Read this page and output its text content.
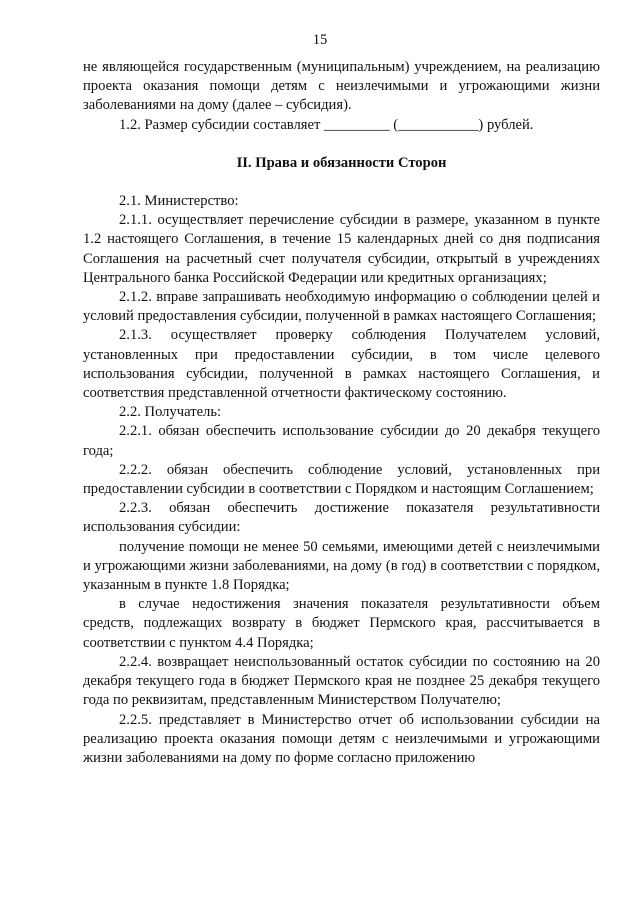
15

не являющейся государственным (муниципальным) учреждением, на реализацию проекта оказания помощи детям с неизлечимыми и угрожающими жизни заболеваниями на дому (далее – субсидия).

1.2. Размер субсидии составляет _________ (___________) рублей.

II. Права и обязанности Сторон

2.1. Министерство:

2.1.1. осуществляет перечисление субсидии в размере, указанном в пункте 1.2 настоящего Соглашения, в течение 15 календарных дней со дня подписания Соглашения на расчетный счет получателя субсидии, открытый в учреждениях Центрального банка Российской Федерации или кредитных организациях;

2.1.2. вправе запрашивать необходимую информацию о соблюдении целей и условий предоставления субсидии, полученной в рамках настоящего Соглашения;

2.1.3. осуществляет проверку соблюдения Получателем условий, установленных при предоставлении субсидии, в том числе целевого использования субсидии, полученной в рамках настоящего Соглашения, и соответствия представленной отчетности фактическому состоянию.

2.2. Получатель:

2.2.1. обязан обеспечить использование субсидии до 20 декабря текущего года;

2.2.2. обязан обеспечить соблюдение условий, установленных при предоставлении субсидии в соответствии с Порядком и настоящим Соглашением;

2.2.3. обязан обеспечить достижение показателя результативности использования субсидии:

получение помощи не менее 50 семьями, имеющими детей с неизлечимыми и угрожающими жизни заболеваниями, на дому (в год) в соответствии с порядком, указанным в пункте 1.8 Порядка;

в случае недостижения значения показателя результативности объем средств, подлежащих возврату в бюджет Пермского края, рассчитывается в соответствии с пунктом 4.4 Порядка;

2.2.4. возвращает неиспользованный остаток субсидии по состоянию на 20 декабря текущего года в бюджет Пермского края не позднее 25 декабря текущего года по реквизитам, представленным Министерством Получателю;

2.2.5. представляет в Министерство отчет об использовании субсидии на реализацию проекта оказания помощи детям с неизлечимыми и угрожающими жизни заболеваниями на дому по форме согласно приложению
